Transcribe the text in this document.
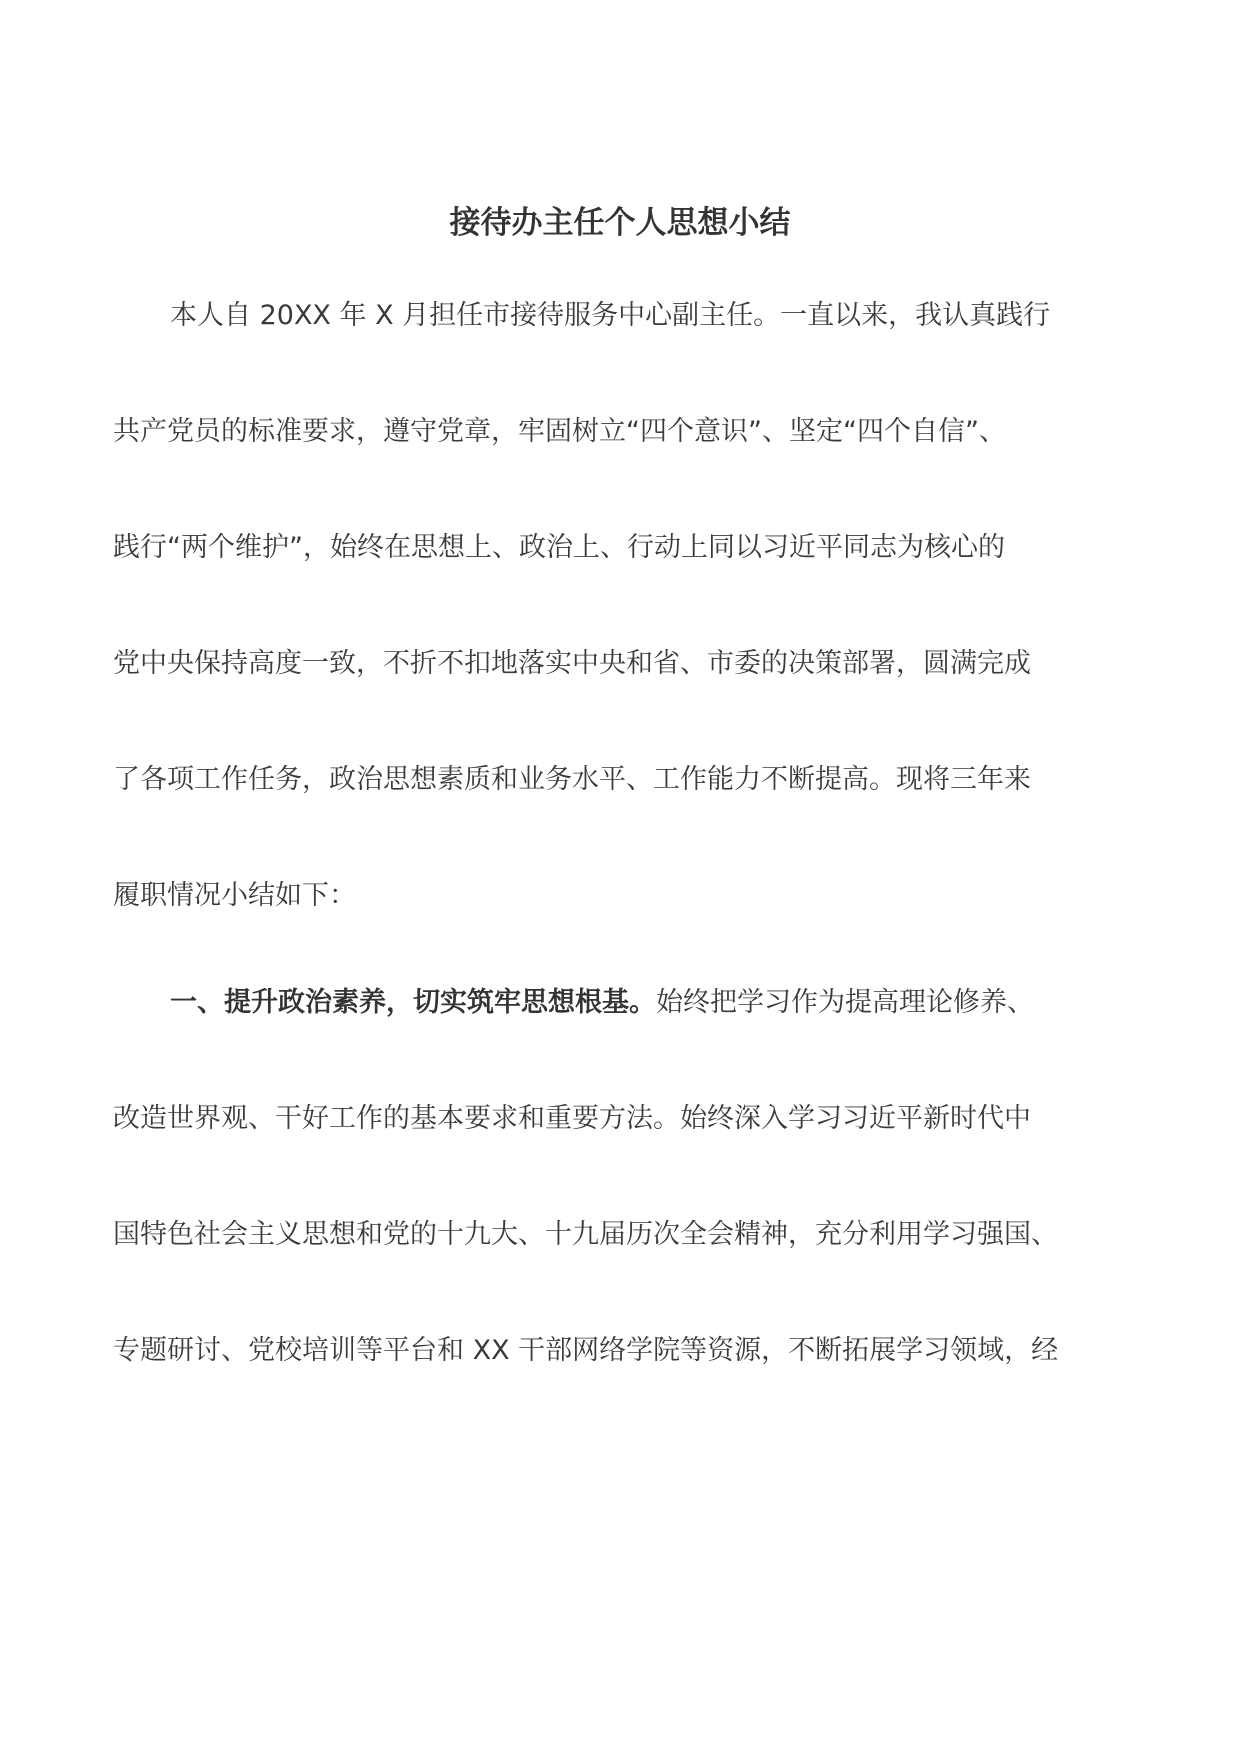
接待办主任个人思想小结

本人自 20XX 年 X 月担任市接待服务中心副主任。一直以来，我认真践行

共产党员的标准要求，遵守党章，牢固树立“四个意识”、坚定“四个自信”、

践行“两个维护”，始终在思想上、政治上、行动上同以习近平同志为核心的

党中央保持高度一致，不折不扣地落实中央和省、市委的决策部署，圆满完成

了各项工作任务，政治思想素质和业务水平、工作能力不断提高。现将三年来

履职情况小结如下：

一、提升政治素养，切实筑牢思想根基。始终把学习作为提高理论修养、

改造世界观、干好工作的基本要求和重要方法。始终深入学习习近平新时代中

国特色社会主义思想和党的十九大、十九届历次全会精神，充分利用学习强国、

专题研讨、党校培训等平台和 XX 干部网络学院等资源，不断拓展学习领域，经
